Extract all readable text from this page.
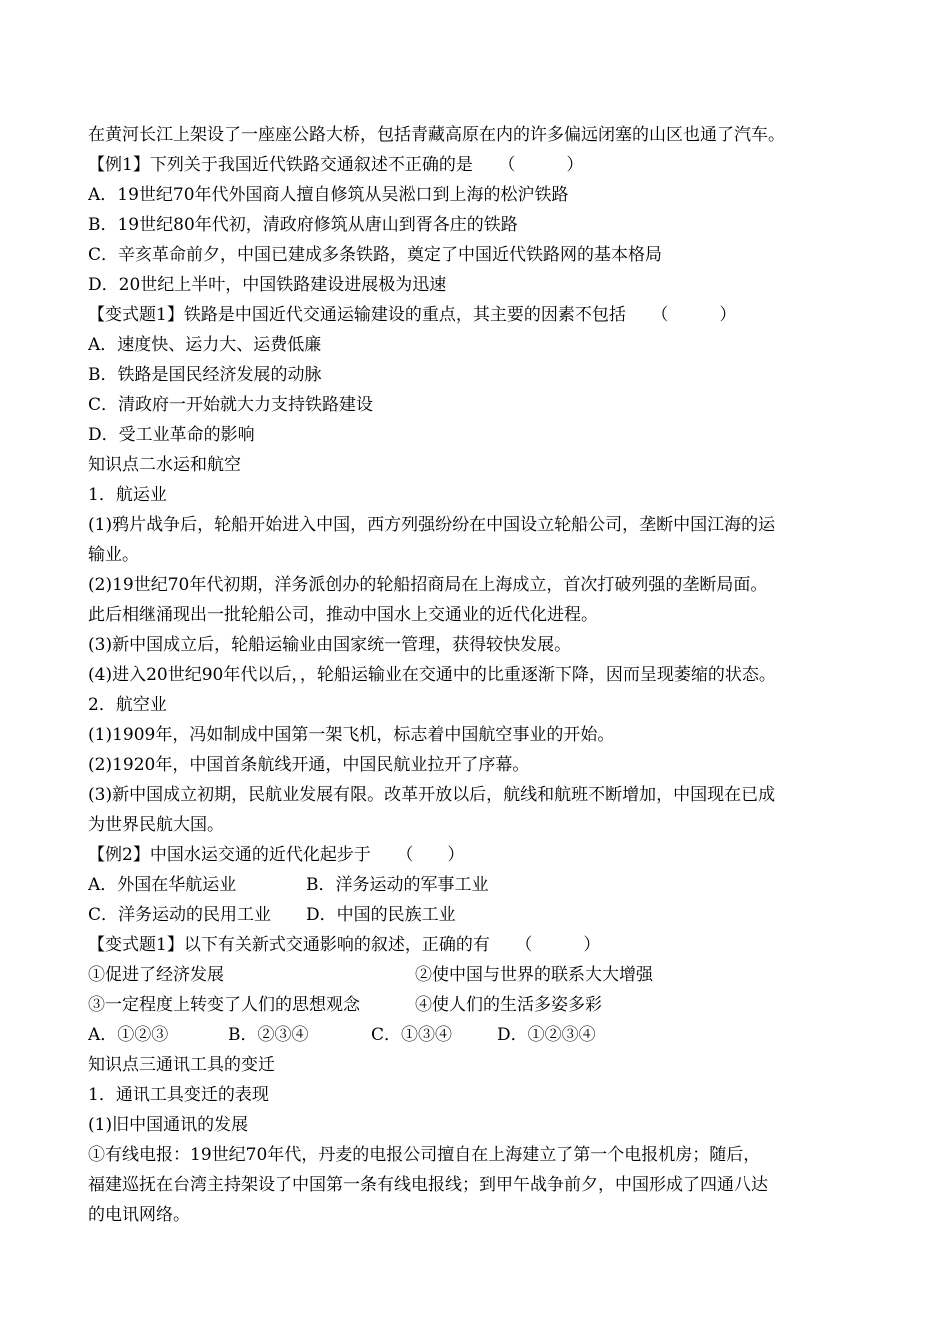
在黄河长江上架设了一座座公路大桥，包括青藏高原在内的许多偏远闭塞的山区也通了汽车。
【例1】下列关于我国近代铁路交通叙述不正确的是　　（　　　）
A．19世纪70年代外国商人擅自修筑从吴淞口到上海的松沪铁路
B．19世纪80年代初，清政府修筑从唐山到胥各庄的铁路
C．辛亥革命前夕，中国已建成多条铁路，奠定了中国近代铁路网的基本格局
D．20世纪上半叶，中国铁路建设进展极为迅速
【变式题1】铁路是中国近代交通运输建设的重点，其主要的因素不包括　　（　　　）
A．速度快、运力大、运费低廉
B．铁路是国民经济发展的动脉
C．清政府一开始就大力支持铁路建设
D．受工业革命的影响
知识点二水运和航空
1．航运业
(1)鸦片战争后，轮船开始进入中国，西方列强纷纷在中国设立轮船公司，垄断中国江海的运
输业。
(2)19世纪70年代初期，洋务派创办的轮船招商局在上海成立，首次打破列强的垄断局面。
此后相继涌现出一批轮船公司，推动中国水上交通业的近代化进程。
(3)新中国成立后，轮船运输业由国家统一管理，获得较快发展。
(4)进入20世纪90年代以后，，轮船运输业在交通中的比重逐渐下降，因而呈现萎缩的状态。
2．航空业
(1)1909年，冯如制成中国第一架飞机，标志着中国航空事业的开始。
(2)1920年，中国首条航线开通，中国民航业拉开了序幕。
(3)新中国成立初期，民航业发展有限。改革开放以后，航线和航班不断增加，中国现在已成
为世界民航大国。
【例2】中国水运交通的近代化起步于　　（　　）
A．外国在华航运业	B．洋务运动的军事工业
C．洋务运动的民用工业 D．中国的民族工业
【变式题1】以下有关新式交通影响的叙述，正确的有　　（　　　）
①促进了经济发展	②使中国与世界的联系大大增强
③一定程度上转变了人们的思想观念	④使人们的生活多姿多彩
A．①②③	B．②③④	C．①③④	D．①②③④
知识点三通讯工具的变迁
1．通讯工具变迁的表现
(1)旧中国通讯的发展
①有线电报：19世纪70年代，丹麦的电报公司擅自在上海建立了第一个电报机房；随后，
福建巡抚在台湾主持架设了中国第一条有线电报线；到甲午战争前夕，中国形成了四通八达
的电讯网络。
